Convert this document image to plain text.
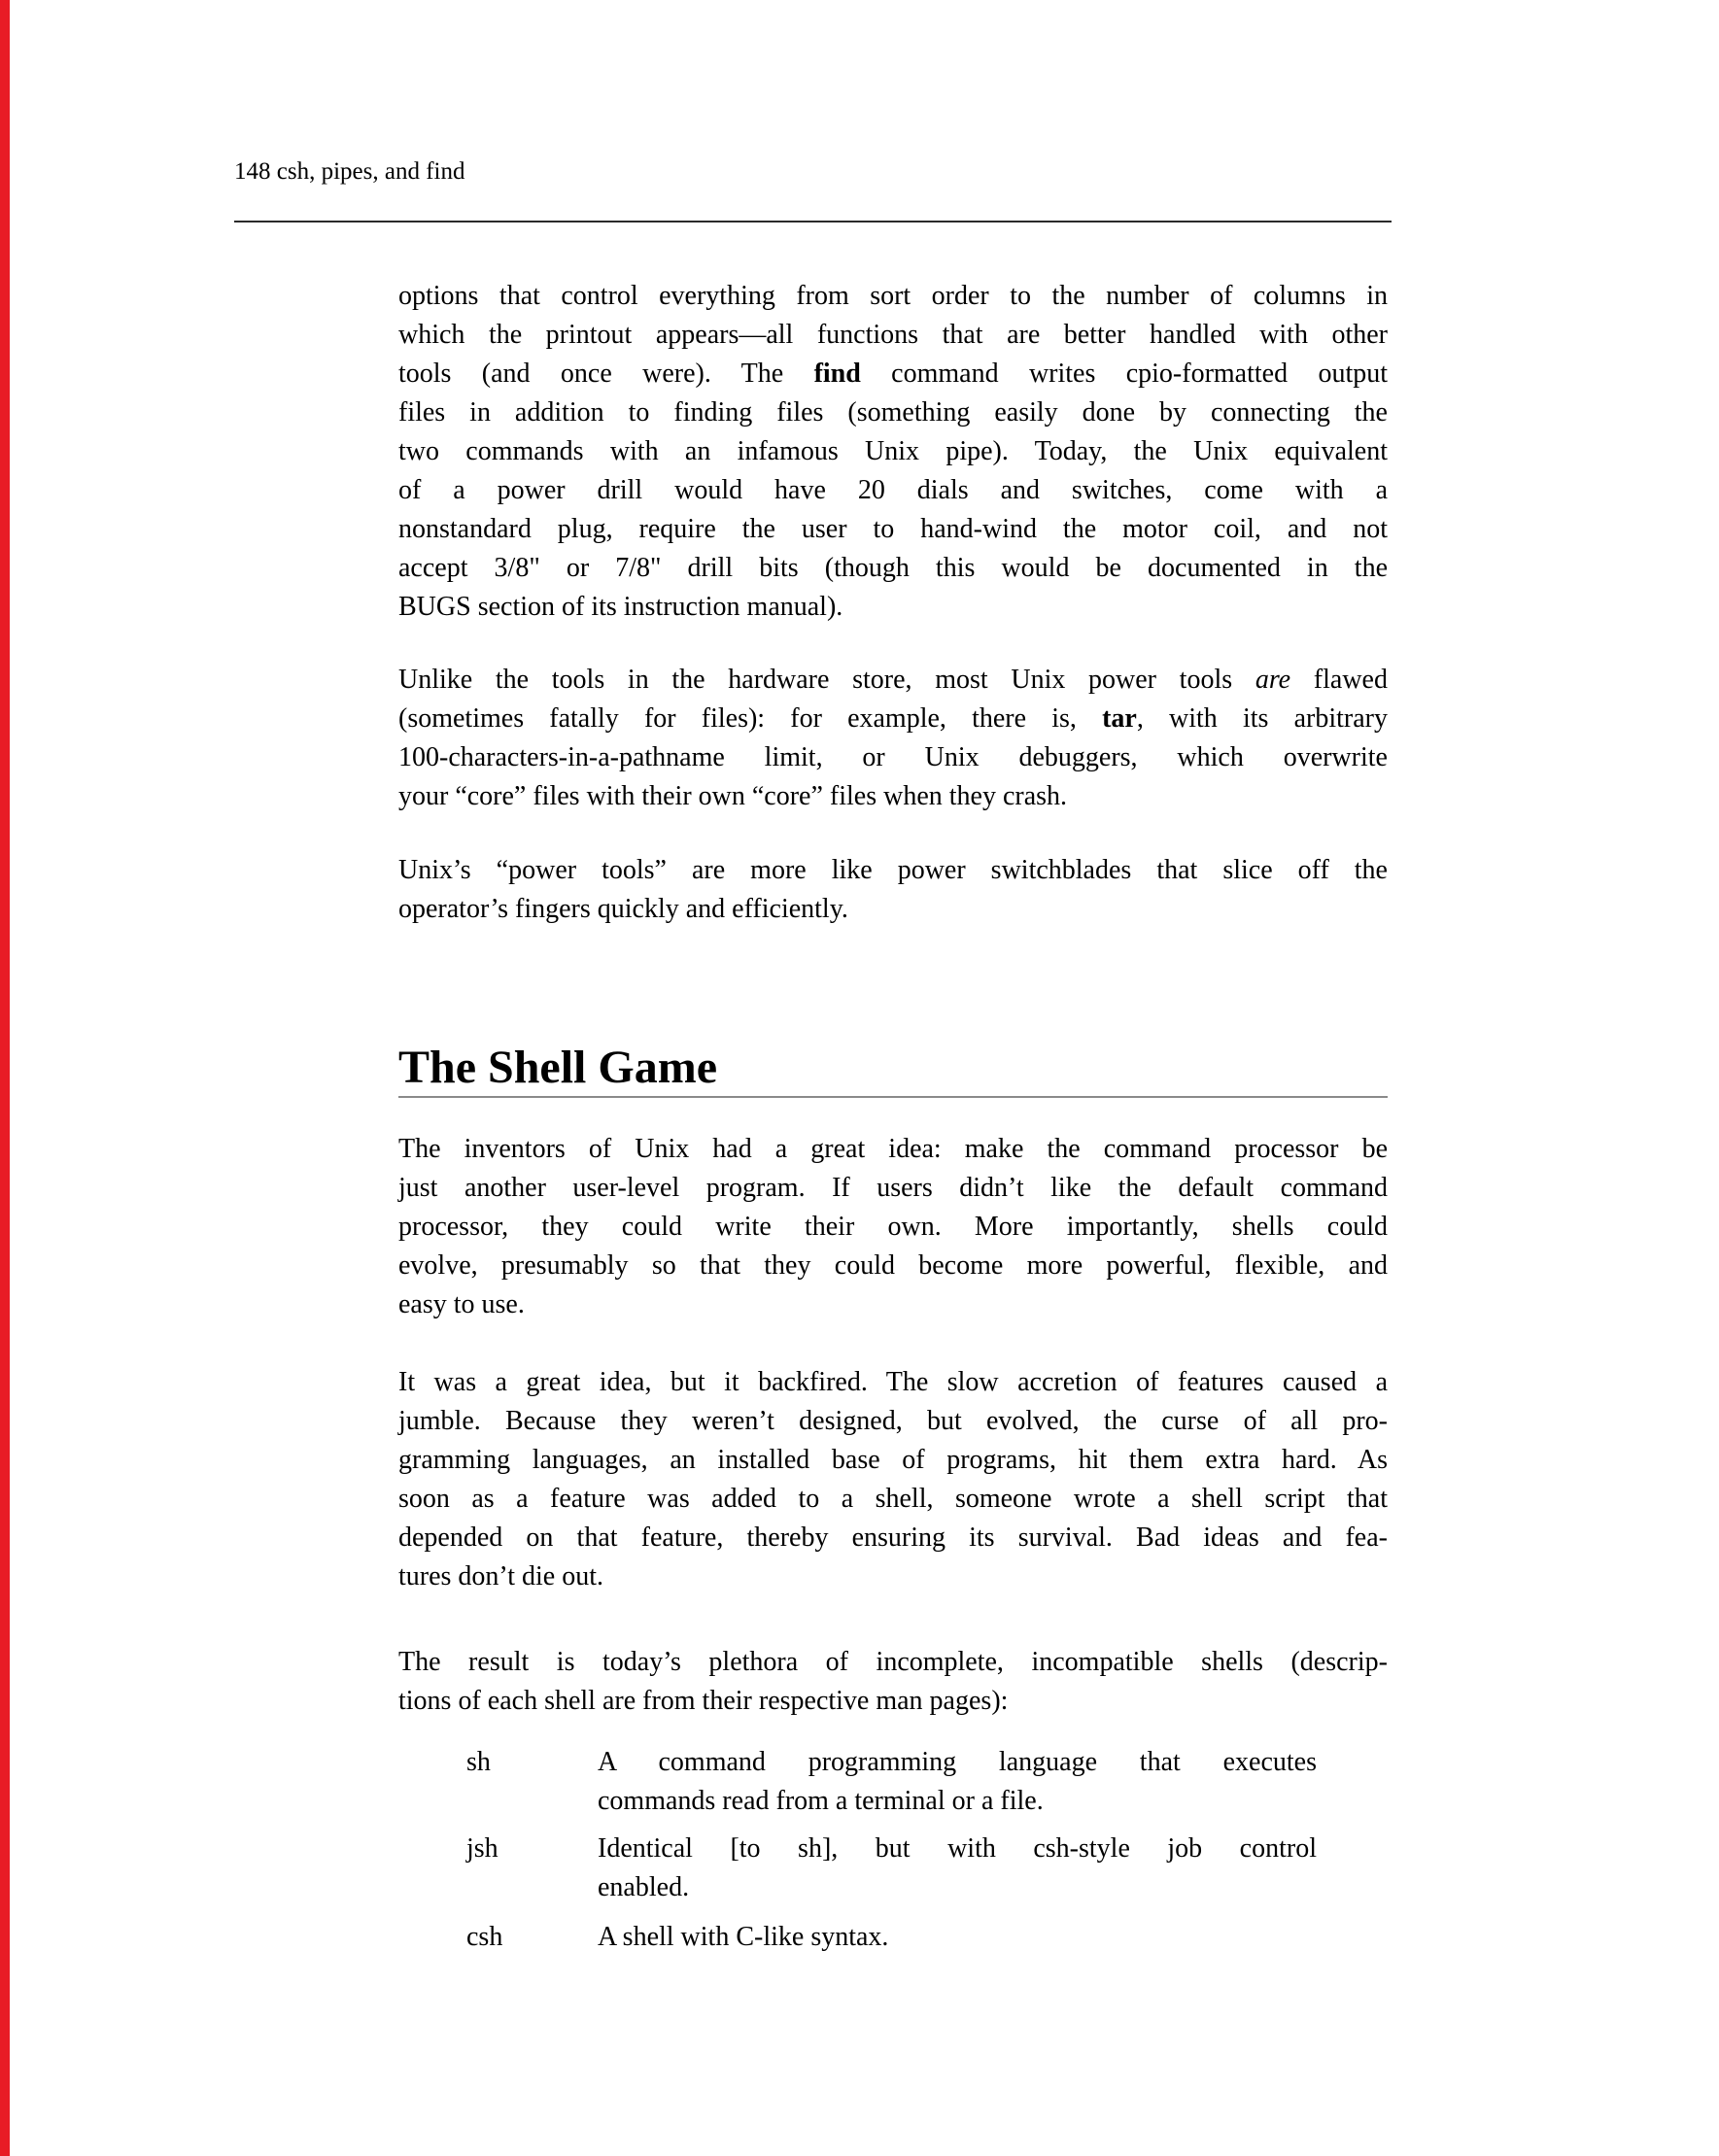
148 csh, pipes, and find
options that control everything from sort order to the number of columns in
which the printout appears—all functions that are better handled with other
tools (and once were). The find command writes cpio-formatted output
files in addition to finding files (something easily done by connecting the
two commands with an infamous Unix pipe). Today, the Unix equivalent
of a power drill would have 20 dials and switches, come with a
nonstandard plug, require the user to hand-wind the motor coil, and not
accept 3/8" or 7/8" drill bits (though this would be documented in the
BUGS section of its instruction manual).
Unlike the tools in the hardware store, most Unix power tools are flawed
(sometimes fatally for files): for example, there is, tar, with its arbitrary
100-characters-in-a-pathname limit, or Unix debuggers, which overwrite
your “core” files with their own “core” files when they crash.
Unix’s “power tools” are more like power switchblades that slice off the
operator’s fingers quickly and efficiently.
The Shell Game
The inventors of Unix had a great idea: make the command processor be
just another user-level program. If users didn’t like the default command
processor, they could write their own. More importantly, shells could
evolve, presumably so that they could become more powerful, flexible, and
easy to use.
It was a great idea, but it backfired. The slow accretion of features caused a
jumble. Because they weren’t designed, but evolved, the curse of all pro-
gramming languages, an installed base of programs, hit them extra hard. As
soon as a feature was added to a shell, someone wrote a shell script that
depended on that feature, thereby ensuring its survival. Bad ideas and fea-
tures don’t die out.
The result is today’s plethora of incomplete, incompatible shells (descrip-
tions of each shell are from their respective man pages):
sh	A command programming language that executes
commands read from a terminal or a file.
jsh	Identical [to sh], but with csh-style job control
enabled.
csh	A shell with C-like syntax.
